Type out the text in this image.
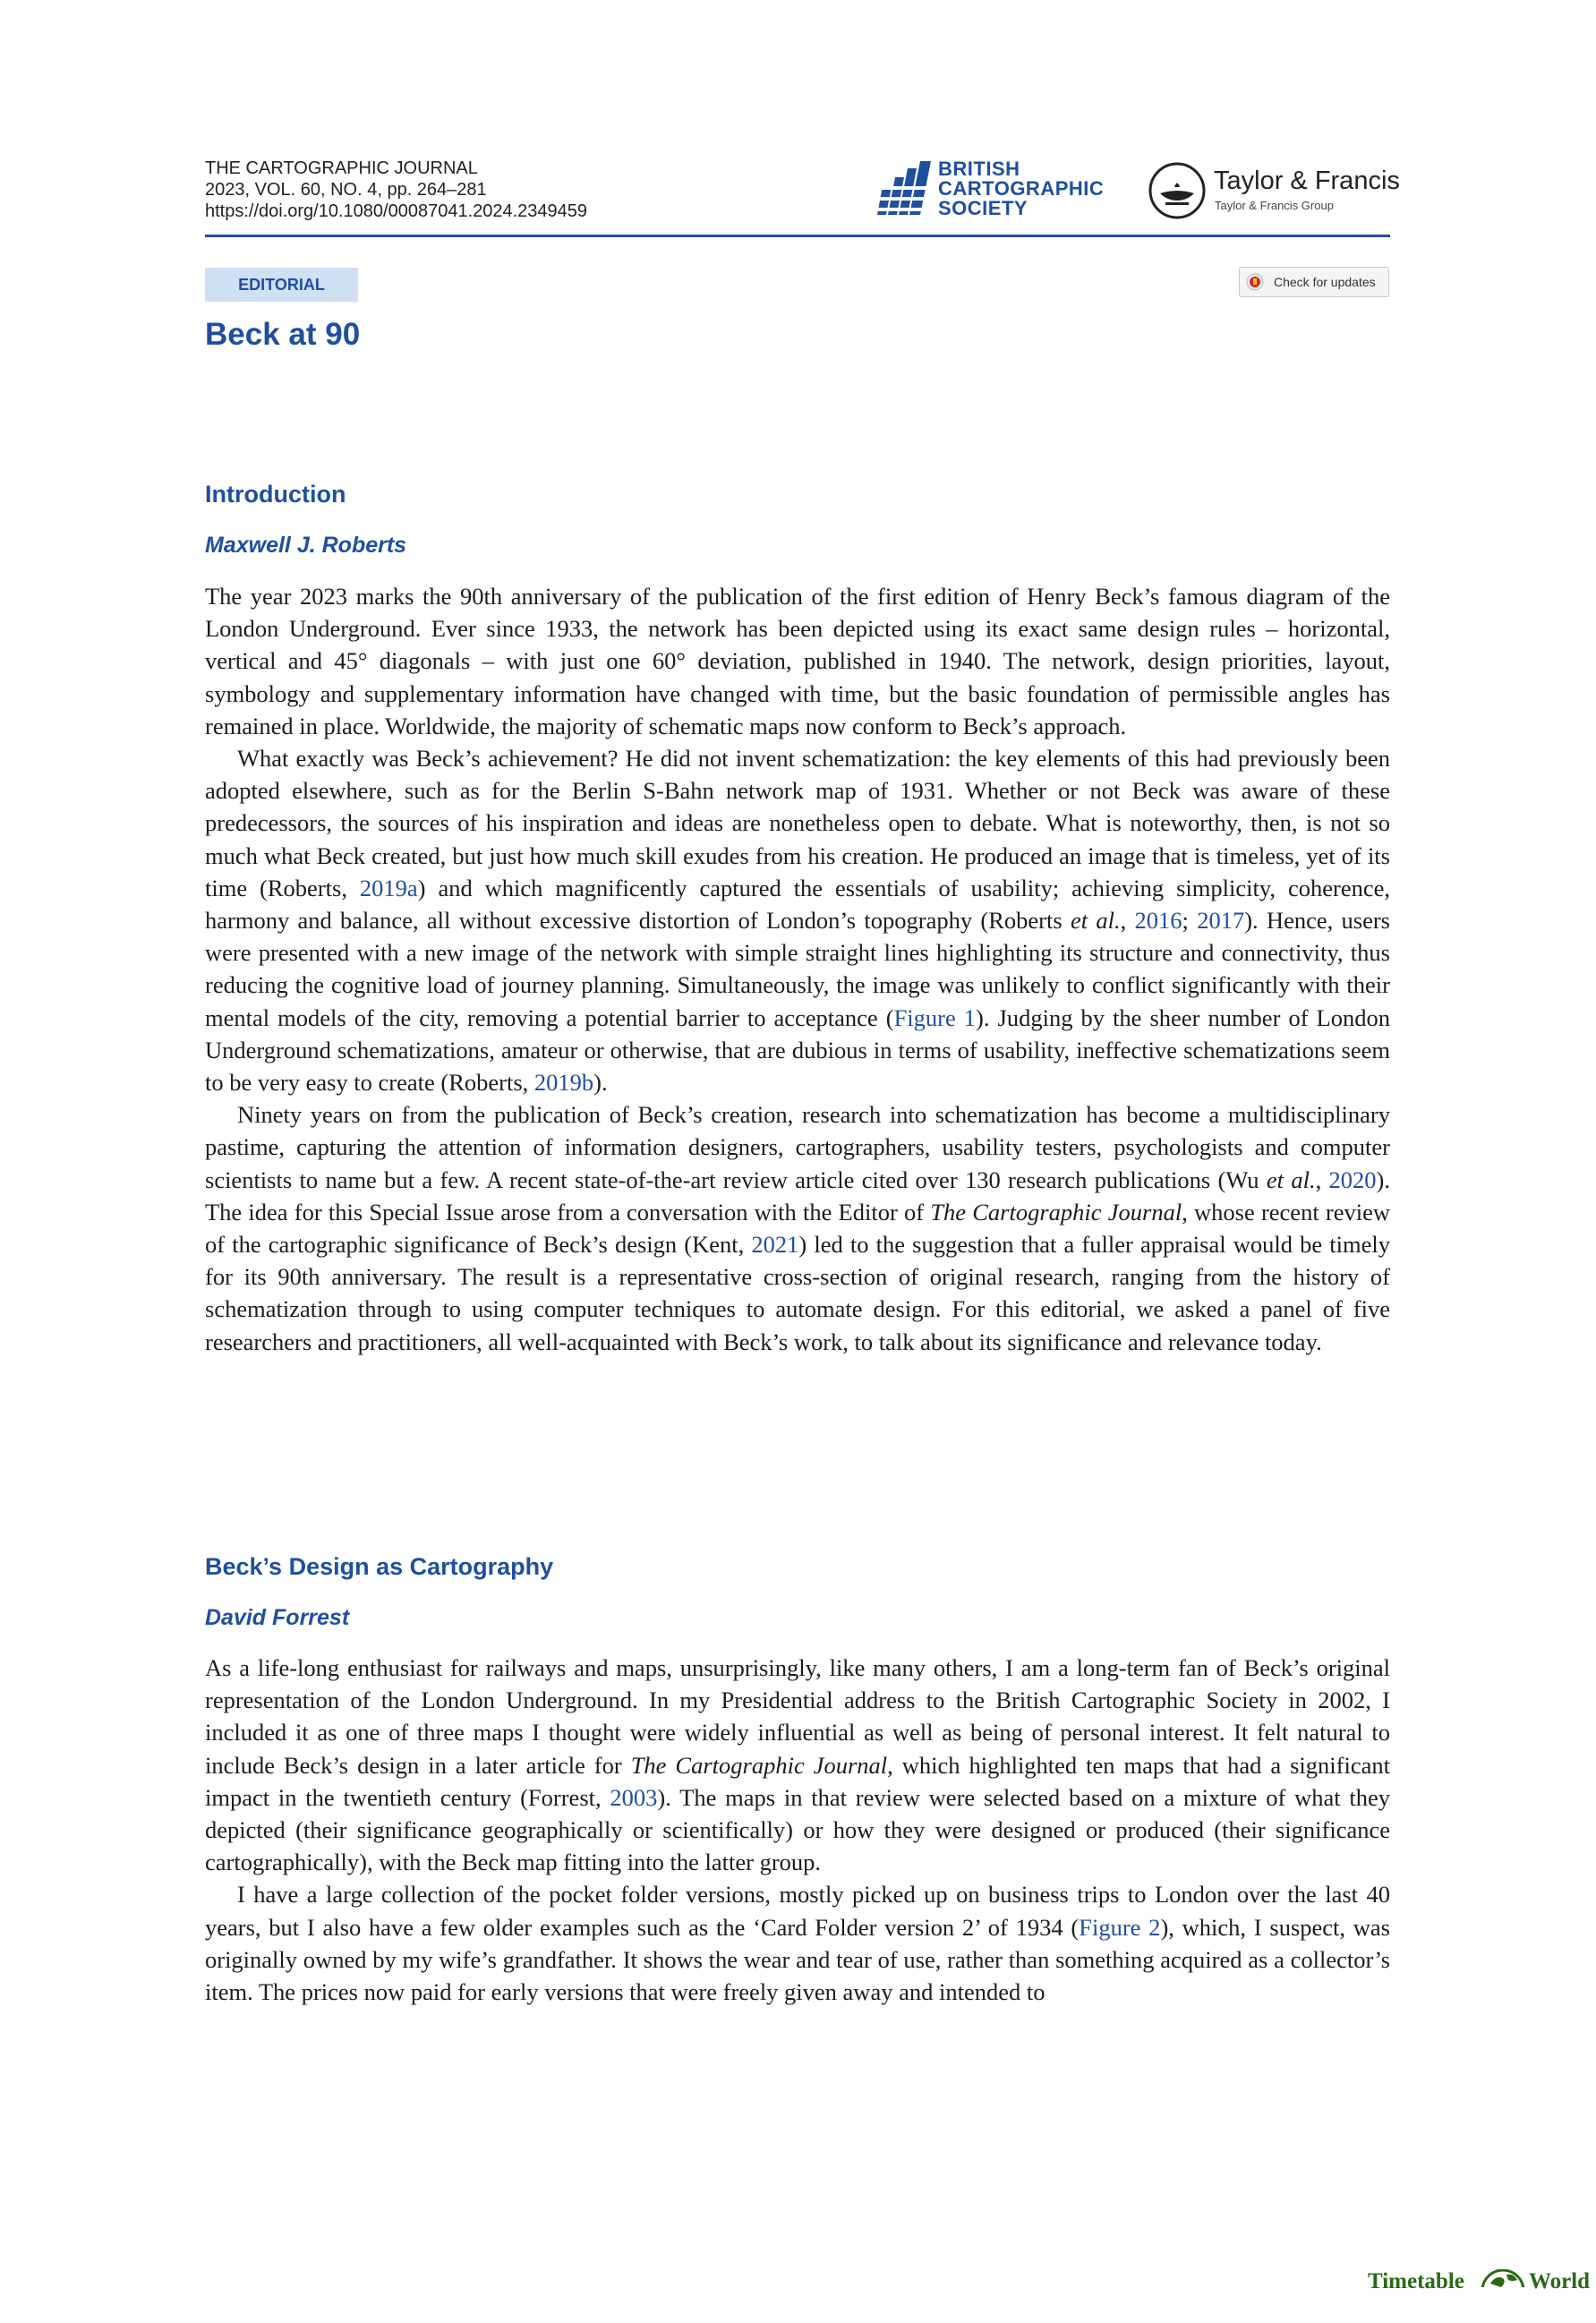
THE CARTOGRAPHIC JOURNAL
2023, VOL. 60, NO. 4, pp. 264–281
https://doi.org/10.1080/00087041.2024.2349459
BRITISH
CARTOGRAPHIC
SOCIETY
Taylor & Francis
Taylor & Francis Group
EDITORIAL	Check for updates
Beck at 90
Introduction
Maxwell J. Roberts

The year 2023 marks the 90th anniversary of the publication of the first edition of Henry Beck’s famous diagram of the London Underground. Ever since 1933, the network has been depicted using its exact same design rules – horizontal, vertical and 45° diagonals – with just one 60° deviation, published in 1940. The network, design priorities, layout, symbology and supplementary information have changed with time, but the basic foundation of permissible angles has remained in place. Worldwide, the majority of schematic maps now conform to Beck’s approach.

What exactly was Beck’s achievement? He did not invent schematization: the key elements of this had previously been adopted elsewhere, such as for the Berlin S-Bahn network map of 1931. Whether or not Beck was aware of these predecessors, the sources of his inspiration and ideas are nonetheless open to debate. What is noteworthy, then, is not so much what Beck created, but just how much skill exudes from his creation. He produced an image that is timeless, yet of its time (Roberts, 2019a) and which magnificently captured the essentials of usability; achieving simplicity, coherence, harmony and balance, all without excessive distortion of London’s topography (Roberts et al., 2016; 2017). Hence, users were presented with a new image of the network with simple straight lines highlighting its structure and connectivity, thus reducing the cognitive load of journey planning. Simultaneously, the image was unlikely to conflict significantly with their mental models of the city, removing a potential barrier to acceptance (Figure 1). Judging by the sheer number of London Underground schematizations, amateur or otherwise, that are dubious in terms of usability, ineffective schematizations seem to be very easy to create (Roberts, 2019b).

Ninety years on from the publication of Beck’s creation, research into schematization has become a multidisciplinary pastime, capturing the attention of information designers, cartographers, usability testers, psychologists and computer scientists to name but a few. A recent state-of-the-art review article cited over 130 research publications (Wu et al., 2020). The idea for this Special Issue arose from a conversation with the Editor of The Cartographic Journal, whose recent review of the cartographic significance of Beck’s design (Kent, 2021) led to the suggestion that a fuller appraisal would be timely for its 90th anniversary. The result is a representative cross-section of original research, ranging from the history of schematization through to using computer techniques to automate design. For this editorial, we asked a panel of five researchers and practitioners, all well-acquainted with Beck’s work, to talk about its significance and relevance today.

Beck’s Design as Cartography
David Forrest

As a life-long enthusiast for railways and maps, unsurprisingly, like many others, I am a long-term fan of Beck’s original representation of the London Underground. In my Presidential address to the British Cartographic Society in 2002, I included it as one of three maps I thought were widely influential as well as being of personal interest. It felt natural to include Beck’s design in a later article for The Cartographic Journal, which highlighted ten maps that had a significant impact in the twentieth century (Forrest, 2003). The maps in that review were selected based on a mixture of what they depicted (their significance geographically or scientifically) or how they were designed or produced (their significance cartographically), with the Beck map fitting into the latter group.

I have a large collection of the pocket folder versions, mostly picked up on business trips to London over the last 40 years, but I also have a few older examples such as the ‘Card Folder version 2’ of 1934 (Figure 2), which, I suspect, was originally owned by my wife’s grandfather. It shows the wear and tear of use, rather than something acquired as a collector’s item. The prices now paid for early versions that were freely given away and intended to

Timetable	World
